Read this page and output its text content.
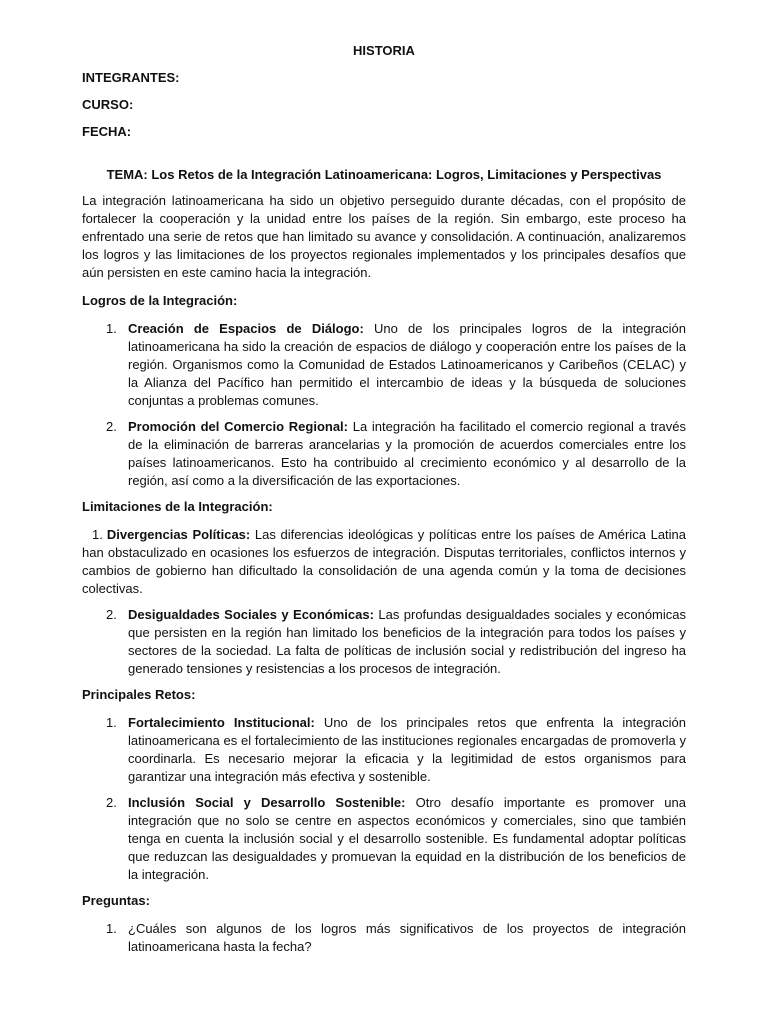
HISTORIA
INTEGRANTES:
CURSO:
FECHA:
TEMA: Los Retos de la Integración Latinoamericana: Logros, Limitaciones y Perspectivas
La integración latinoamericana ha sido un objetivo perseguido durante décadas, con el propósito de fortalecer la cooperación y la unidad entre los países de la región. Sin embargo, este proceso ha enfrentado una serie de retos que han limitado su avance y consolidación. A continuación, analizaremos los logros y las limitaciones de los proyectos regionales implementados y los principales desafíos que aún persisten en este camino hacia la integración.
Logros de la Integración:
1. Creación de Espacios de Diálogo: Uno de los principales logros de la integración latinoamericana ha sido la creación de espacios de diálogo y cooperación entre los países de la región. Organismos como la Comunidad de Estados Latinoamericanos y Caribeños (CELAC) y la Alianza del Pacífico han permitido el intercambio de ideas y la búsqueda de soluciones conjuntas a problemas comunes.
2. Promoción del Comercio Regional: La integración ha facilitado el comercio regional a través de la eliminación de barreras arancelarias y la promoción de acuerdos comerciales entre los países latinoamericanos. Esto ha contribuido al crecimiento económico y al desarrollo de la región, así como a la diversificación de las exportaciones.
Limitaciones de la Integración:
1. Divergencias Políticas: Las diferencias ideológicas y políticas entre los países de América Latina han obstaculizado en ocasiones los esfuerzos de integración. Disputas territoriales, conflictos internos y cambios de gobierno han dificultado la consolidación de una agenda común y la toma de decisiones colectivas.
2. Desigualdades Sociales y Económicas: Las profundas desigualdades sociales y económicas que persisten en la región han limitado los beneficios de la integración para todos los países y sectores de la sociedad. La falta de políticas de inclusión social y redistribución del ingreso ha generado tensiones y resistencias a los procesos de integración.
Principales Retos:
1. Fortalecimiento Institucional: Uno de los principales retos que enfrenta la integración latinoamericana es el fortalecimiento de las instituciones regionales encargadas de promoverla y coordinarla. Es necesario mejorar la eficacia y la legitimidad de estos organismos para garantizar una integración más efectiva y sostenible.
2. Inclusión Social y Desarrollo Sostenible: Otro desafío importante es promover una integración que no solo se centre en aspectos económicos y comerciales, sino que también tenga en cuenta la inclusión social y el desarrollo sostenible. Es fundamental adoptar políticas que reduzcan las desigualdades y promuevan la equidad en la distribución de los beneficios de la integración.
Preguntas:
1. ¿Cuáles son algunos de los logros más significativos de los proyectos de integración latinoamericana hasta la fecha?
